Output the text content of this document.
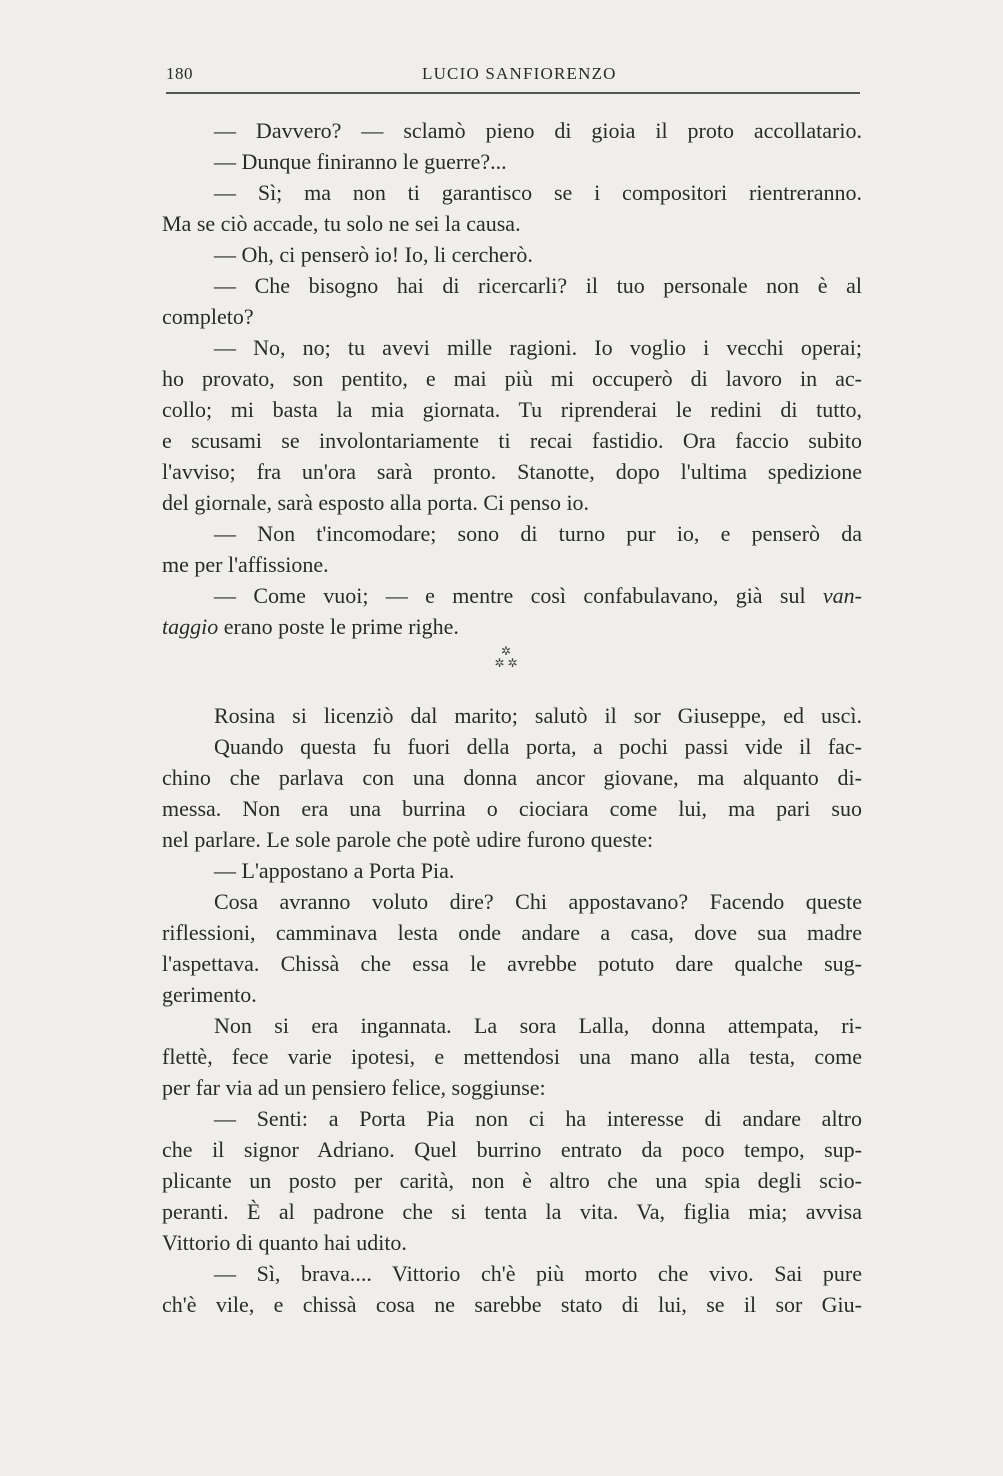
180	LUCIO SANFIORENZO
— Davvero? — sclamò pieno di gioia il proto accollatario.
— Dunque finiranno le guerre?...
— Sì; ma non ti garantisco se i compositori rientreranno.
Ma se ciò accade, tu solo ne sei la causa.
— Oh, ci penserò io! Io, li cercherò.
— Che bisogno hai di ricercarli? il tuo personale non è al
completo?
— No, no; tu avevi mille ragioni. Io voglio i vecchi operai;
ho provato, son pentito, e mai più mi occuperò di lavoro in ac-
collo; mi basta la mia giornata. Tu riprenderai le redini di tutto,
e scusami se involontariamente ti recai fastidio. Ora faccio subito
l'avviso; fra un'ora sarà pronto. Stanotte, dopo l'ultima spedizione
del giornale, sarà esposto alla porta. Ci penso io.
— Non t'incomodare; sono di turno pur io, e penserò da
me per l'affissione.
— Come vuoi; — e mentre così confabulavano, già sul van-
taggio erano poste le prime righe.
✲
✲ ✲
Rosina si licenziò dal marito; salutò il sor Giuseppe, ed uscì.
Quando questa fu fuori della porta, a pochi passi vide il fac-
chino che parlava con una donna ancor giovane, ma alquanto di-
messa. Non era una burrina o ciociara come lui, ma pari suo
nel parlare. Le sole parole che potè udire furono queste:
— L'appostano a Porta Pia.
Cosa avranno voluto dire? Chi appostavano? Facendo queste
riflessioni, camminava lesta onde andare a casa, dove sua madre
l'aspettava. Chissà che essa le avrebbe potuto dare qualche sug-
gerimento.
Non si era ingannata. La sora Lalla, donna attempata, ri-
flettè, fece varie ipotesi, e mettendosi una mano alla testa, come
per far via ad un pensiero felice, soggiunse:
— Senti: a Porta Pia non ci ha interesse di andare altro
che il signor Adriano. Quel burrino entrato da poco tempo, sup-
plicante un posto per carità, non è altro che una spia degli scio-
peranti. È al padrone che si tenta la vita. Va, figlia mia; avvisa
Vittorio di quanto hai udito.
— Sì, brava.... Vittorio ch'è più morto che vivo. Sai pure
ch'è vile, e chissà cosa ne sarebbe stato di lui, se il sor Giu-
